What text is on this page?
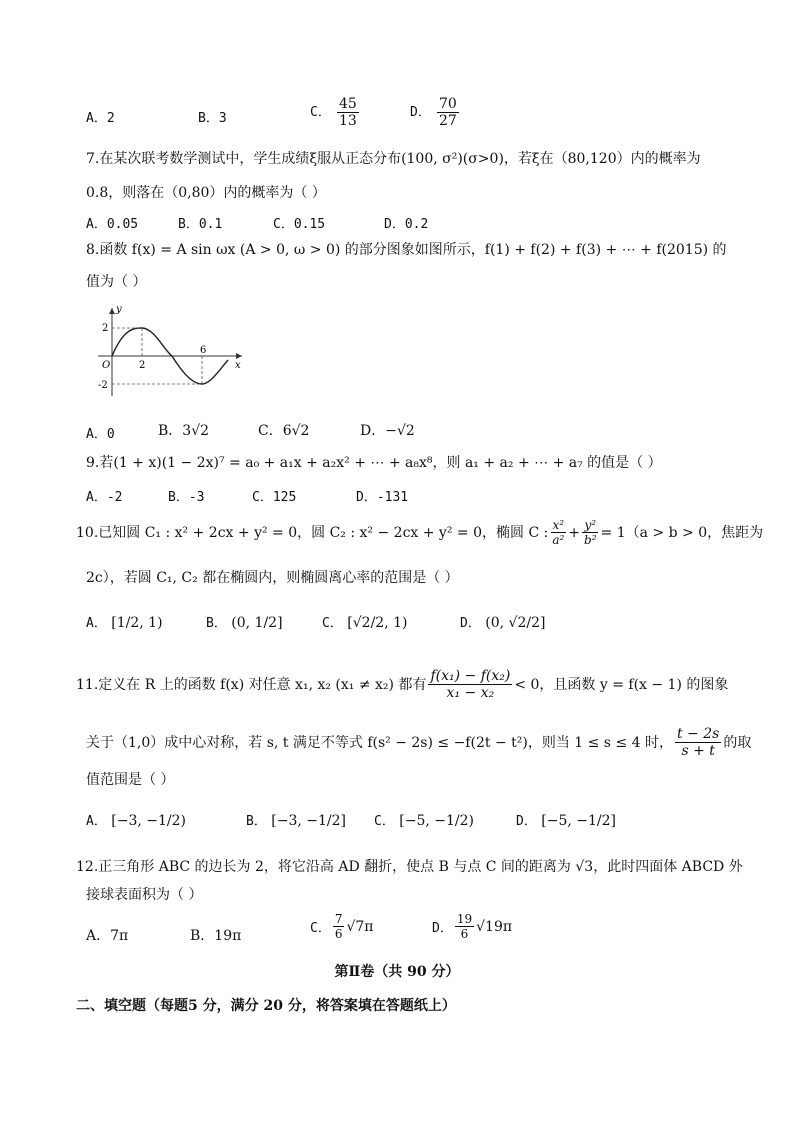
A．2	B．3	C． $\frac{45}{13}$	D． $\frac{70}{27}$
7.在某次联考数学测试中，学生成绩ξ服从正态分布(100, σ²)(σ>0)，若ξ在（80,120）内的概率为
0.8，则落在（0,80）内的概率为（ ）
A．0.05	B．0.1	C．0.15	D．0.2
8.函数 f(x) = A sin ωx (A > 0, ω > 0) 的部分图象如图所示，f(1) + f(2) + f(3) + ⋯ + f(2015) 的
值为（ ）
y
x
O
2
-2
2
6
A．0	B．3√2	C．6√2	D．−√2
9.若(1 + x)(1 − 2x)⁷ = a₀ + a₁x + a₂x² + ⋯ + a₈x⁸，则 a₁ + a₂ + ⋯ + a₇ 的值是（ ）
A．-2	B．-3	C．125	D．-131
10.已知圆 C₁ : x² + 2cx + y² = 0，圆 C₂ : x² − 2cx + y² = 0，椭圆 C : $\frac{\text{x²}}{\text{a²}} + \frac{\text{y²}}{\text{b²}} = 1(a > b > 0$，焦距为
2c），若圆 C₁, C₂ 都在椭圆内，则椭圆离心率的范围是（ ）
A． [1/2, 1)	B． (0, 1/2]	C． [√2/2, 1)	D． (0, √2/2]
11.定义在 R 上的函数 f(x) 对任意 x₁, x₂ (x₁ ≠ x₂) 都有 $\frac{\text{f(x₁) − f(x₂)}}{\text{x₁ − x₂}} < 0$，且函数 y = f(x − 1) 的图象
关于（1,0）成中心对称，若 s, t 满足不等式 f(s² − 2s) ≤ −f(2t − t²)，则当 1 ≤ s ≤ 4 时， $\frac{t - 2s}{s + t}$ 的取
值范围是（ ）
A． [−3, −1/2)	B． [−3, −1/2] C． [−5, −1/2)	D． [−5, −1/2]
12.正三角形 ABC 的边长为 2，将它沿高 AD 翻折，使点 B 与点 C 间的距离为 √3，此时四面体 ABCD 外
接球表面积为（ ）
A．7π	B．19π	C． $\frac{7}{6} √7\pi$	D． $\frac{19}{6} √19\pi$
第Ⅱ卷（共 90 分）
二、填空题（每题5 分，满分 20 分，将答案填在答题纸上）
